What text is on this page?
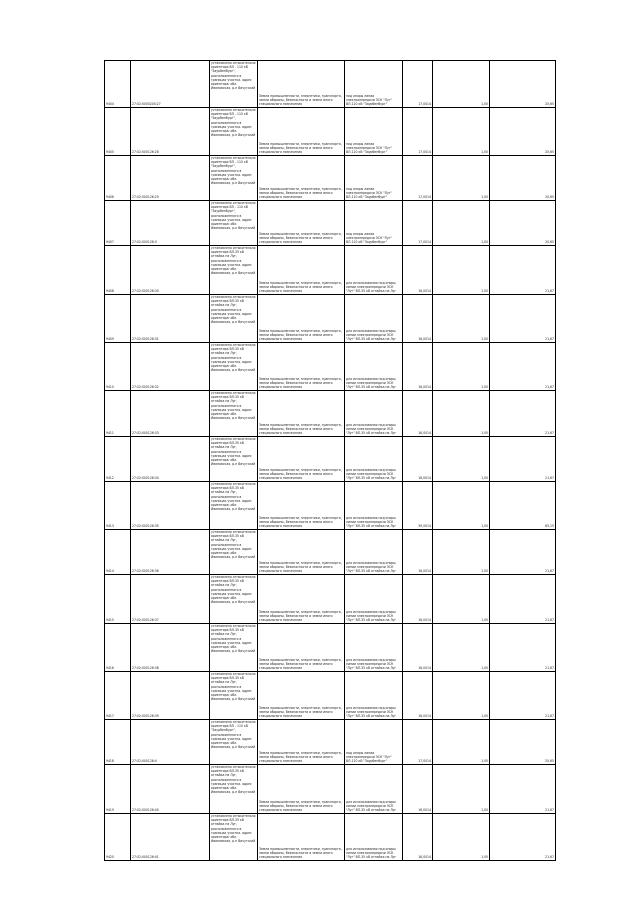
9404	27:02:0000204:27	установлено относительно ориентира ВЛ - 110 кВ "Заурбенбург", расположенного в границах участка. адрес ориентира: обл. Ивановская, р-н Вичугский	Земли промышленности, энергетики, транспорта, земли обороны, безопасности и земли иного специального назначения	под опоры линии электропередачи ЭСК "Луг" ВЛ-110 кВ "Заурбенбург"	17,0014	1,00	20,65
9405	27:02:000126:28	установлено относительно ориентира ВЛ - 110 кВ "Заурбенбург", расположенного в границах участка. адрес ориентира: обл. Ивановская, р-н Вичугский	Земли промышленности, энергетики, транспорта, земли обороны, безопасности и земли иного специального назначения	под опоры линии электропередачи ЭСК "Луг" ВЛ-110 кВ "Заурбенбург"	17,0014	1,00	20,65
9406	27:02:000126:29	установлено относительно ориентира ВЛ - 110 кВ "Заурбенбург", расположенного в границах участка. адрес ориентира: обл. Ивановская, р-н Вичугский	Земли промышленности, энергетики, транспорта, земли обороны, безопасности и земли иного специального назначения	под опоры линии электропередачи ЭСК "Луг" ВЛ-110 кВ "Заурбенбург"	17,0014	1,00	20,65
9407	27:02:000126:3	установлено относительно ориентира ВЛ - 110 кВ "Заурбенбург", расположенного в границах участка. адрес ориентира: обл. Ивановская, р-н Вичугский	Земли промышленности, энергетики, транспорта, земли обороны, безопасности и земли иного специального назначения	под опоры линии электропередачи ЭСК "Луг" ВЛ-110 кВ "Заурбенбург"	17,0014	1,00	20,65
9408	27:02:000126:30	установлено относительно ориентира ВЛ-35 кВ отпайка на Луг, расположенного в границах участка. адрес ориентира: обл. Ивановская, р-н Вичугский	Земли промышленности, энергетики, транспорта, земли обороны, безопасности и земли иного специального назначения	для использования под опоры линии электропередачи ЭСК "Луг" ВЛ-35 кВ отпайка на Луг	16,0014	1,00	21,67
9409	27:02:000126:31	установлено относительно ориентира ВЛ-35 кВ отпайка на Луг, расположенного в границах участка. адрес ориентира: обл. Ивановская, р-н Вичугский	Земли промышленности, энергетики, транспорта, земли обороны, безопасности и земли иного специального назначения	для использования под опоры линии электропередачи ЭСК "Луг" ВЛ-35 кВ отпайка на Луг	16,0014	1,00	21,67
9410	27:02:000126:32	установлено относительно ориентира ВЛ-35 кВ отпайка на Луг, расположенного в границах участка. адрес ориентира: обл. Ивановская, р-н Вичугский	Земли промышленности, энергетики, транспорта, земли обороны, безопасности и земли иного специального назначения	для использования под опоры линии электропередачи ЭСК "Луг" ВЛ-35 кВ отпайка на Луг	16,0014	1,00	21,67
9411	27:02:000126:33	установлено относительно ориентира ВЛ-35 кВ отпайка на Луг, расположенного в границах участка. адрес ориентира: обл. Ивановская, р-н Вичугский	Земли промышленности, энергетики, транспорта, земли обороны, безопасности и земли иного специального назначения	для использования под опоры линии электропередачи ЭСК "Луг" ВЛ-35 кВ отпайка на Луг	16,0014	1,00	21,67
9412	27:02:000126:34	установлено относительно ориентира ВЛ-35 кВ отпайка на Луг, расположенного в границах участка. адрес ориентира: обл. Ивановская, р-н Вичугский	Земли промышленности, энергетики, транспорта, земли обороны, безопасности и земли иного специального назначения	для использования под опоры линии электропередачи ЭСК "Луг" ВЛ-35 кВ отпайка на Луг	16,0014	1,00	21,67
9413	27:02:000126:35	установлено относительно ориентира ВЛ-35 кВ отпайка на Луг, расположенного в границах участка. адрес ориентира: обл. Ивановская, р-н Вичугский	Земли промышленности, энергетики, транспорта, земли обороны, безопасности и земли иного специального назначения	для использования под опоры линии электропередачи ЭСК "Луг" ВЛ-35 кВ отпайка на Луг	39,0014	1,00	65,15
9414	27:02:000126:36	установлено относительно ориентира ВЛ-35 кВ отпайка на Луг, расположенного в границах участка. адрес ориентира: обл. Ивановская, р-н Вичугский	Земли промышленности, энергетики, транспорта, земли обороны, безопасности и земли иного специального назначения	для использования под опоры линии электропередачи ЭСК "Луг" ВЛ-35 кВ отпайка на Луг	16,0014	1,00	21,67
9415	27:02:000126:37	установлено относительно ориентира ВЛ-35 кВ отпайка на Луг, расположенного в границах участка. адрес ориентира: обл. Ивановская, р-н Вичугский	Земли промышленности, энергетики, транспорта, земли обороны, безопасности и земли иного специального назначения	для использования под опоры линии электропередачи ЭСК "Луг" ВЛ-35 кВ отпайка на Луг	16,0014	1,00	21,67
9416	27:02:000126:38	установлено относительно ориентира ВЛ-35 кВ отпайка на Луг, расположенного в границах участка. адрес ориентира: обл. Ивановская, р-н Вичугский	Земли промышленности, энергетики, транспорта, земли обороны, безопасности и земли иного специального назначения	для использования под опоры линии электропередачи ЭСК "Луг" ВЛ-35 кВ отпайка на Луг	16,0014	1,00	21,67
9417	27:02:000126:39	установлено относительно ориентира ВЛ-35 кВ отпайка на Луг, расположенного в границах участка. адрес ориентира: обл. Ивановская, р-н Вичугский	Земли промышленности, энергетики, транспорта, земли обороны, безопасности и земли иного специального назначения	для использования под опоры линии электропередачи ЭСК "Луг" ВЛ-35 кВ отпайка на Луг	16,0014	1,00	21,67
9418	27:02:000126:4	установлено относительно ориентира ВЛ - 110 кВ "Заурбенбург", расположенного в границах участка. адрес ориентира: обл. Ивановская, р-н Вичугский	Земли промышленности, энергетики, транспорта, земли обороны, безопасности и земли иного специального назначения	под опоры линии электропередачи ЭСК "Луг" ВЛ-110 кВ "Заурбенбург"	17,0014	1,00	20,65
9419	27:02:000126:40	установлено относительно ориентира ВЛ-35 кВ отпайка на Луг, расположенного в границах участка. адрес ориентира: обл. Ивановская, р-н Вичугский	Земли промышленности, энергетики, транспорта, земли обороны, безопасности и земли иного специального назначения	для использования под опоры линии электропередачи ЭСК "Луг" ВЛ-35 кВ отпайка на Луг	16,0014	1,00	21,67
9420	27:02:000126:41	установлено относительно ориентира ВЛ-35 кВ отпайка на Луг, расположенного в границах участка. адрес ориентира: обл. Ивановская, р-н Вичугский	Земли промышленности, энергетики, транспорта, земли обороны, безопасности и земли иного специального назначения	для использования под опоры линии электропередачи ЭСК "Луг" ВЛ-35 кВ отпайка на Луг	16,0014	1,00	21,67
